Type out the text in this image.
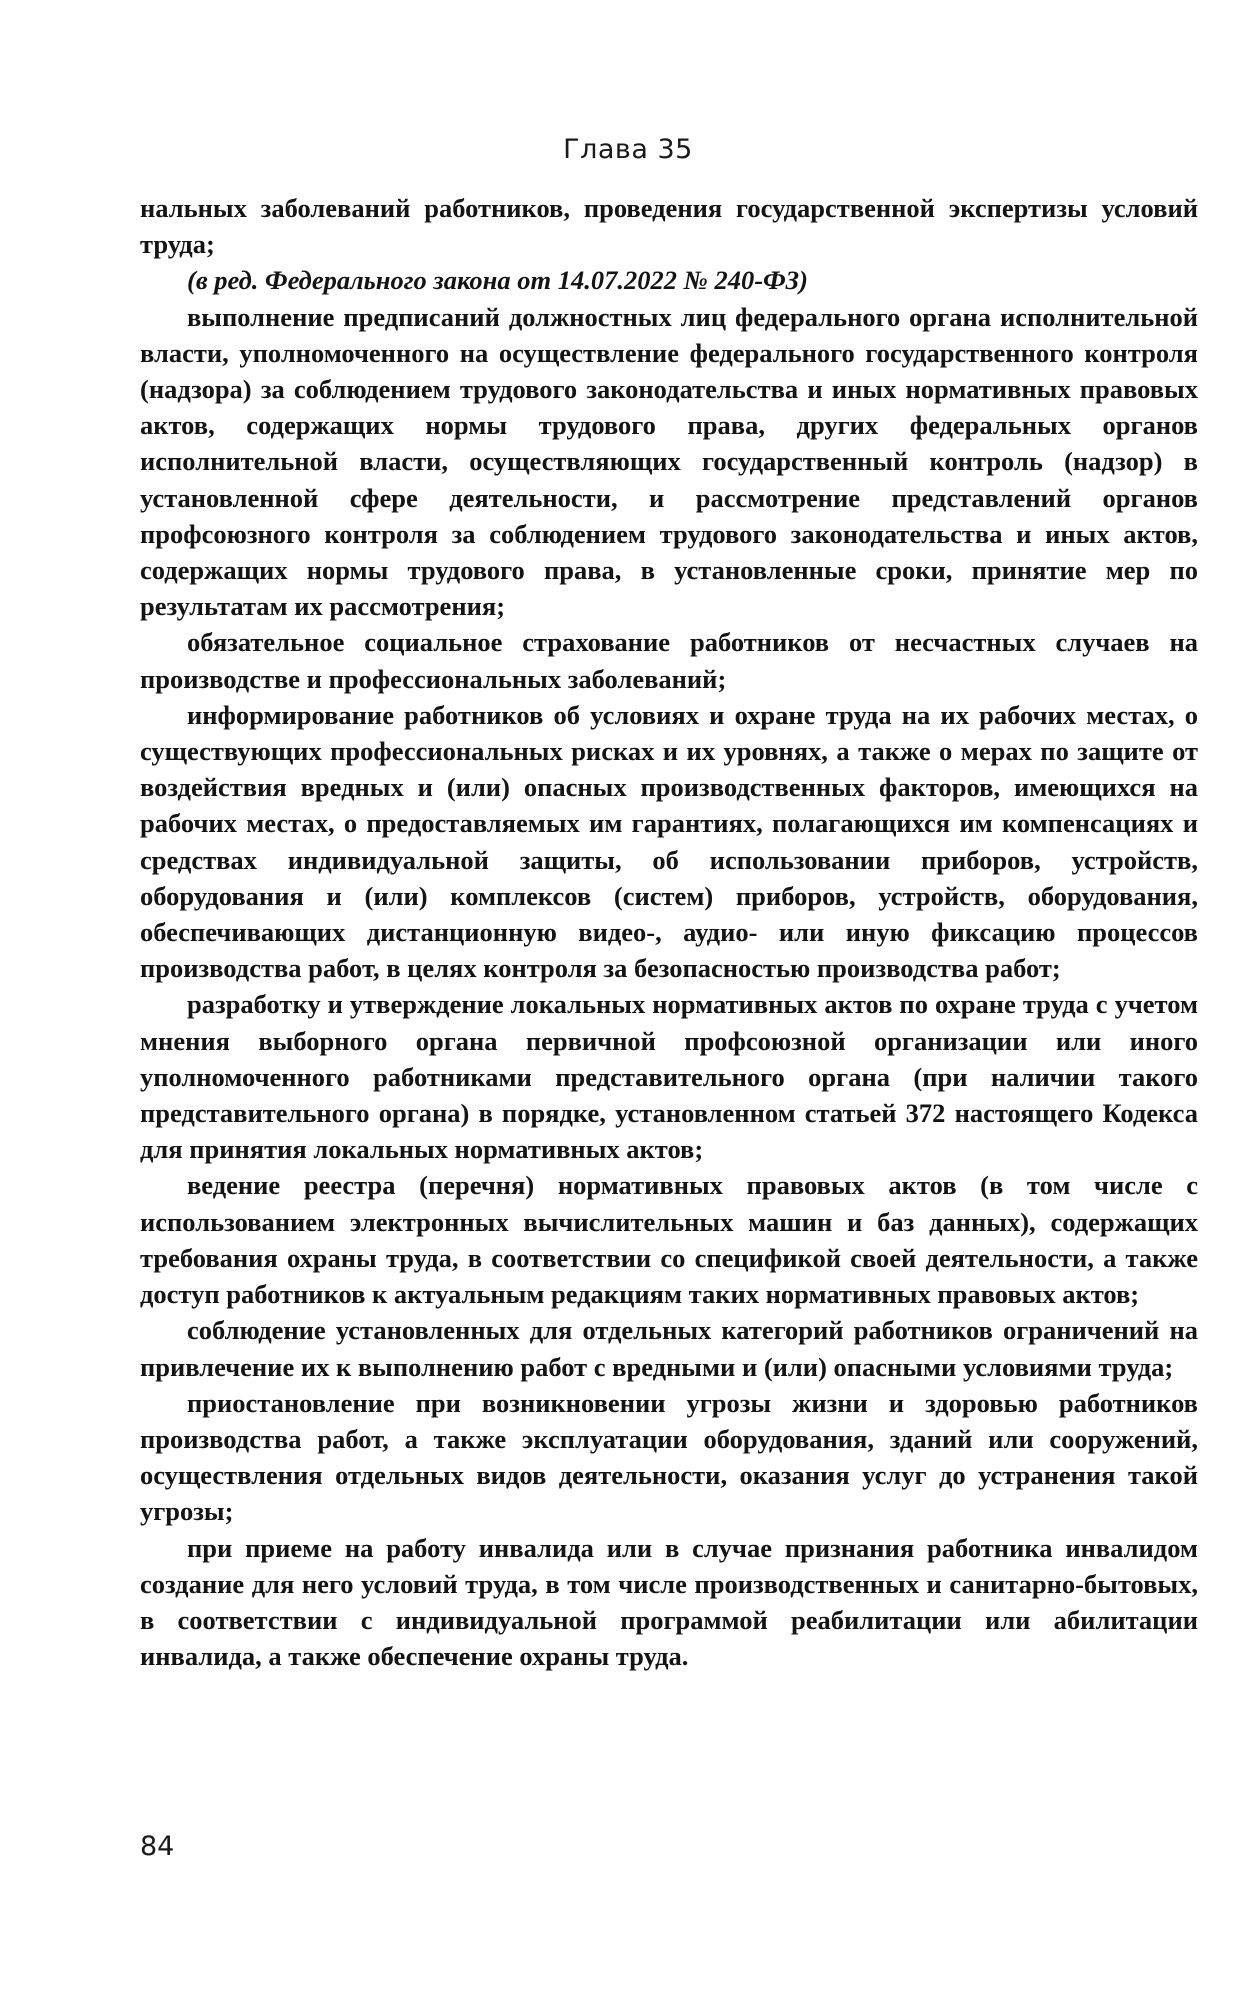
Глава 35

нальных заболеваний работников, проведения государственной экспертизы условий труда;

(в ред. Федерального закона от 14.07.2022 № 240-ФЗ)

выполнение предписаний должностных лиц федерального органа исполнительной власти, уполномоченного на осуществление федерального государственного контроля (надзора) за соблюдением трудового законодательства и иных нормативных правовых актов, содержащих нормы трудового права, других федеральных органов исполнительной власти, осуществляющих государственный контроль (надзор) в установленной сфере деятельности, и рассмотрение представлений органов профсоюзного контроля за соблюдением трудового законодательства и иных актов, содержащих нормы трудового права, в установленные сроки, принятие мер по результатам их рассмотрения;

обязательное социальное страхование работников от несчастных случаев на производстве и профессиональных заболеваний;

информирование работников об условиях и охране труда на их рабочих местах, о существующих профессиональных рисках и их уровнях, а также о мерах по защите от воздействия вредных и (или) опасных производственных факторов, имеющихся на рабочих местах, о предоставляемых им гарантиях, полагающихся им компенсациях и средствах индивидуальной защиты, об использовании приборов, устройств, оборудования и (или) комплексов (систем) приборов, устройств, оборудования, обеспечивающих дистанционную видео-, аудио- или иную фиксацию процессов производства работ, в целях контроля за безопасностью производства работ;

разработку и утверждение локальных нормативных актов по охране труда с учетом мнения выборного органа первичной профсоюзной организации или иного уполномоченного работниками представительного органа (при наличии такого представительного органа) в порядке, установленном статьей 372 настоящего Кодекса для принятия локальных нормативных актов;

ведение реестра (перечня) нормативных правовых актов (в том числе с использованием электронных вычислительных машин и баз данных), содержащих требования охраны труда, в соответствии со спецификой своей деятельности, а также доступ работников к актуальным редакциям таких нормативных правовых актов;

соблюдение установленных для отдельных категорий работников ограничений на привлечение их к выполнению работ с вредными и (или) опасными условиями труда;

приостановление при возникновении угрозы жизни и здоровью работников производства работ, а также эксплуатации оборудования, зданий или сооружений, осуществления отдельных видов деятельности, оказания услуг до устранения такой угрозы;

при приеме на работу инвалида или в случае признания работника инвалидом создание для него условий труда, в том числе производственных и санитарно-бытовых, в соответствии с индивидуальной программой реабилитации или абилитации инвалида, а также обеспечение охраны труда.

84
